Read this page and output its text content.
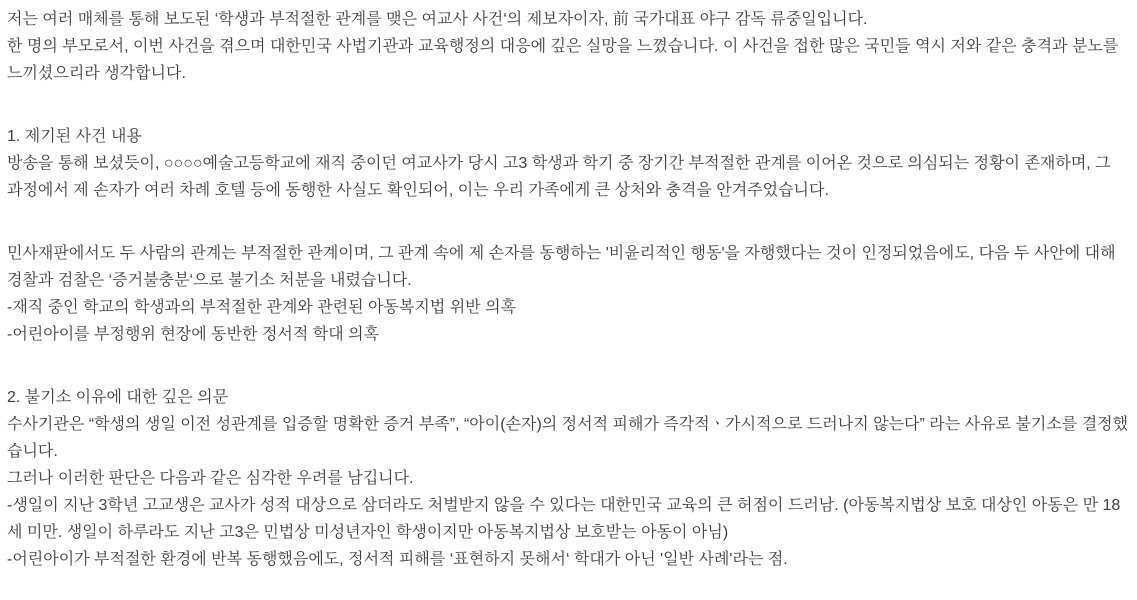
저는 여러 매체를 통해 보도된 ‘학생과 부적절한 관계를 맺은 여교사 사건‘의 제보자이자, 前 국가대표 야구 감독 류중일입니다.

한 명의 부모로서, 이번 사건을 겪으며 대한민국 사법기관과 교육행정의 대응에 깊은 실망을 느꼈습니다. 이 사건을 접한 많은 국민들 역시 저와 같은 충격과 분노를 느끼셨으리라 생각합니다.

1. 제기된 사건 내용

방송을 통해 보셨듯이, ○○○○예술고등학교에 재직 중이던 여교사가 당시 고3 학생과 학기 중 장기간 부적절한 관계를 이어온 것으로 의심되는 정황이 존재하며, 그 과정에서 제 손자가 여러 차례 호텔 등에 동행한 사실도 확인되어, 이는 우리 가족에게 큰 상처와 충격을 안겨주었습니다.

민사재판에서도 두 사람의 관계는 부적절한 관계이며, 그 관계 속에 제 손자를 동행하는 '비윤리적인 행동'을 자행했다는 것이 인정되었음에도, 다음 두 사안에 대해 경찰과 검찰은 ‘증거불충분‘으로 불기소 처분을 내렸습니다.

-재직 중인 학교의 학생과의 부적절한 관계와 관련된 아동복지법 위반 의혹

-어린아이를 부정행위 현장에 동반한 정서적 학대 의혹

2. 불기소 이유에 대한 깊은 의문

수사기관은 “학생의 생일 이전 성관계를 입증할 명확한 증거 부족”, “아이(손자)의 정서적 피해가 즉각적ㆍ가시적으로 드러나지 않는다” 라는 사유로 불기소를 결정했습니다.

그러나 이러한 판단은 다음과 같은 심각한 우려를 남깁니다.

-생일이 지난 3학년 고교생은 교사가 성적 대상으로 삼더라도 처벌받지 않을 수 있다는 대한민국 교육의 큰 허점이 드러남. (아동복지법상 보호 대상인 아동은 만 18세 미만. 생일이 하루라도 지난 고3은 민법상 미성년자인 학생이지만 아동복지법상 보호받는 아동이 아님)

-어린아이가 부적절한 환경에 반복 동행했음에도, 정서적 피해를 ‘표현하지 못해서‘ 학대가 아닌 '일반 사례'라는 점.
